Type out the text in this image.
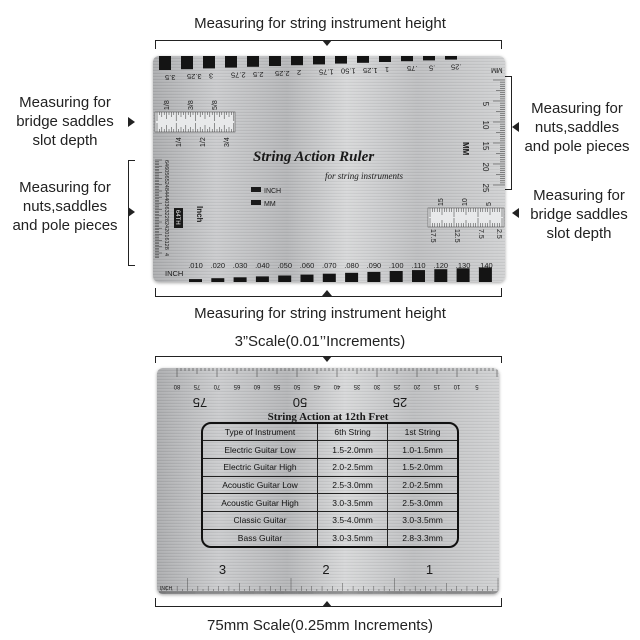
Measuring for string instrument height
Measuring for
bridge saddles
slot depth
Measuring for
nuts,saddles
and pole pieces
Measuring for
nuts,saddles
and pole pieces
Measuring for
bridge saddles
slot depth
3.5 3.25 3 2.75 2.5 2.25 2 1.75 1.50 1.25 1 .75 .5 .25	MM
INCH
.010 .020 .030 .040 .050 .060 .070 .080 .090 .100 .110 .120 .130 .140
1/8 3/8 5/8
1/4 1/2 3/4
64
60
56
52
48
44
40
36
32
28
24
20
16
12
8
4
Inch
64TH
5
10
15
20
25
MM
15 10 5
17.5 12.5 7.5 2.5
String Action Ruler
for string instruments
INCH
MM
Measuring for string instrument height
3”Scale(0.01’’Increments)
80 75 70 65 60 55 50 45 40 35 30 25 20 15 10 5
75	50	25
3	2	1
INCH
String Action at 12th Fret
Type of Instrument	6th String	1st String
Electric Guitar Low	1.5-2.0mm	1.0-1.5mm
Electric Guitar High	2.0-2.5mm	1.5-2.0mm
Acoustic Guitar Low	2.5-3.0mm	2.0-2.5mm
Acoustic Guitar High	3.0-3.5mm	2.5-3.0mm
Classic Guitar	3.5-4.0mm	3.0-3.5mm
Bass Guitar	3.0-3.5mm	2.8-3.3mm
75mm Scale(0.25mm Increments)
